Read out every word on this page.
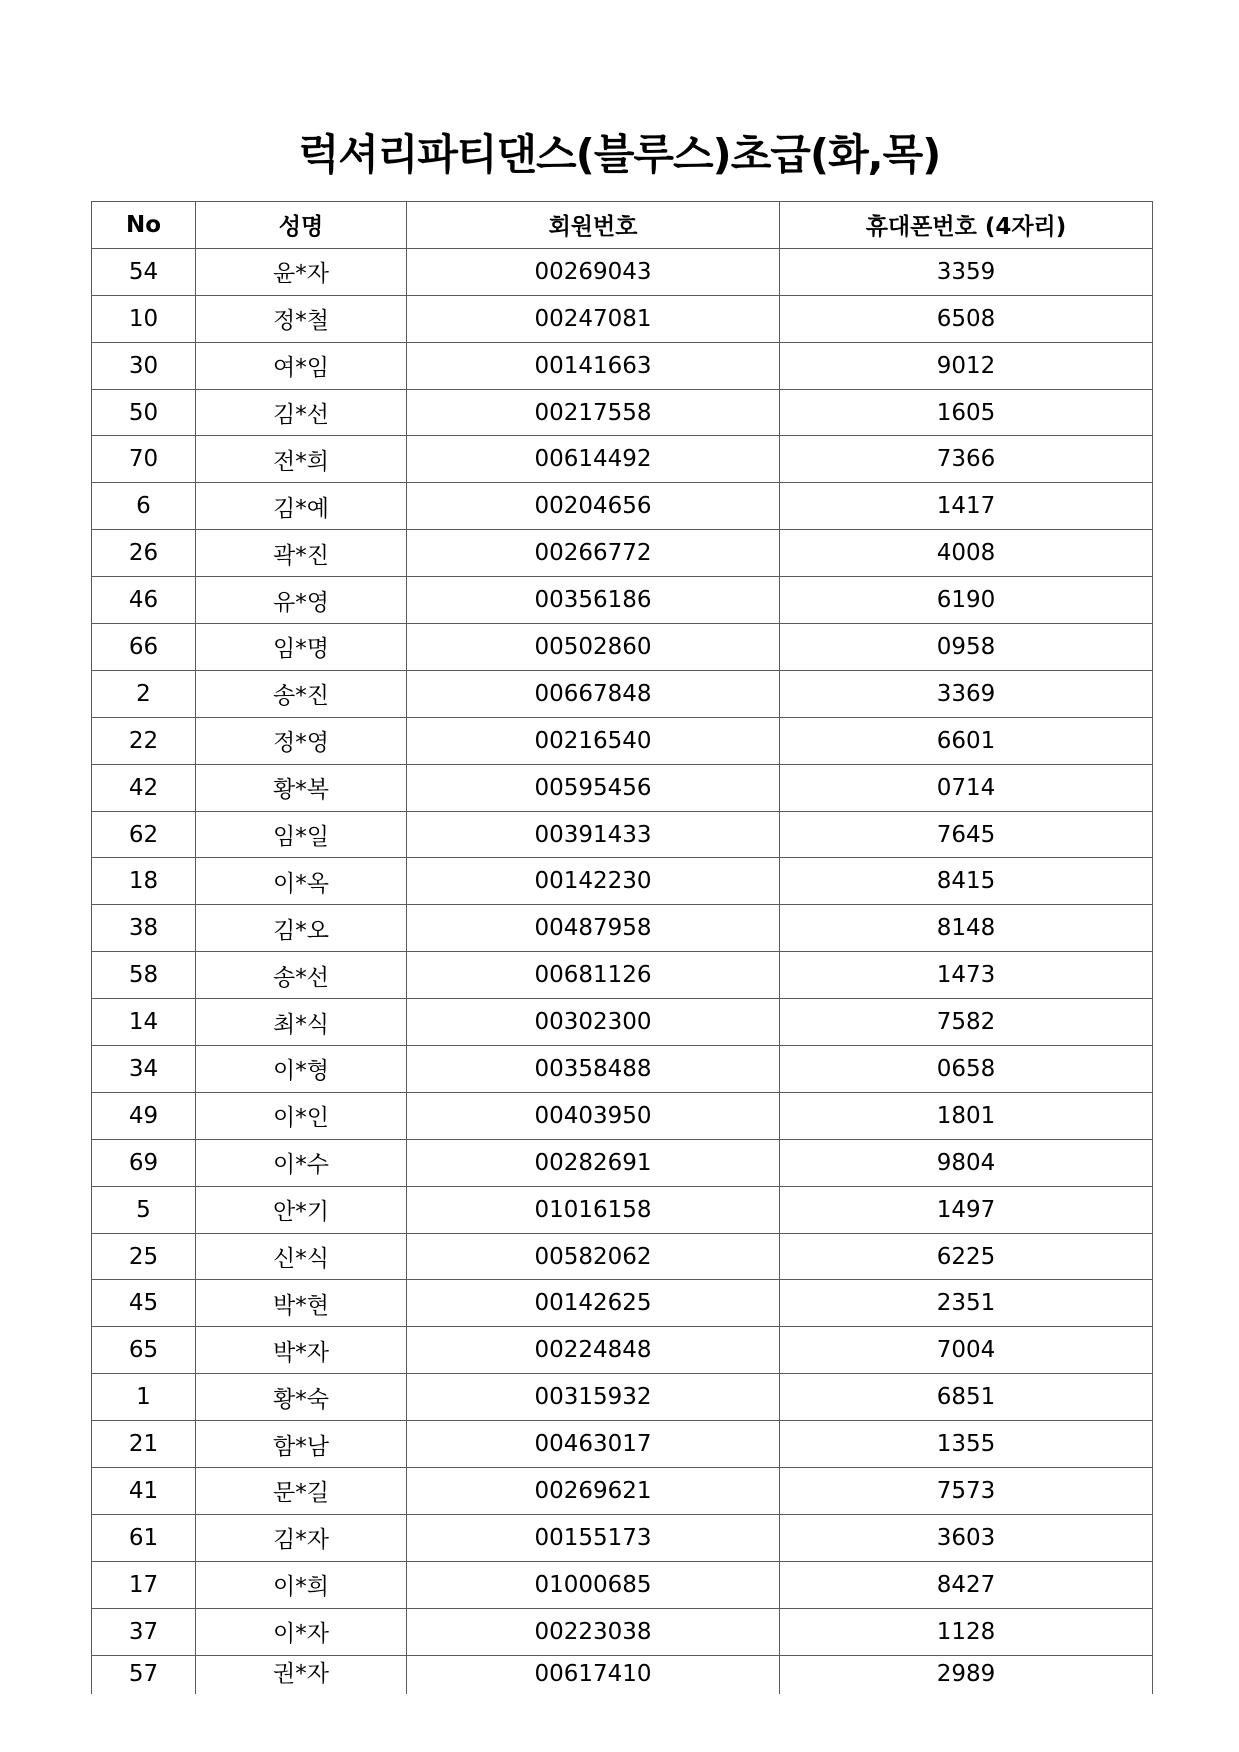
럭셔리파티댄스(블루스)초급(화,목)
No	성명	회원번호	휴대폰번호 (4자리)
54	윤*자	00269043	3359
10	정*철	00247081	6508
30	여*임	00141663	9012
50	김*선	00217558	1605
70	전*희	00614492	7366
6	김*예	00204656	1417
26	곽*진	00266772	4008
46	유*영	00356186	6190
66	임*명	00502860	0958
2	송*진	00667848	3369
22	정*영	00216540	6601
42	황*복	00595456	0714
62	임*일	00391433	7645
18	이*옥	00142230	8415
38	김*오	00487958	8148
58	송*선	00681126	1473
14	최*식	00302300	7582
34	이*형	00358488	0658
49	이*인	00403950	1801
69	이*수	00282691	9804
5	안*기	01016158	1497
25	신*식	00582062	6225
45	박*현	00142625	2351
65	박*자	00224848	7004
1	황*숙	00315932	6851
21	함*남	00463017	1355
41	문*길	00269621	7573
61	김*자	00155173	3603
17	이*희	01000685	8427
37	이*자	00223038	1128
57	권*자	00617410	2989
